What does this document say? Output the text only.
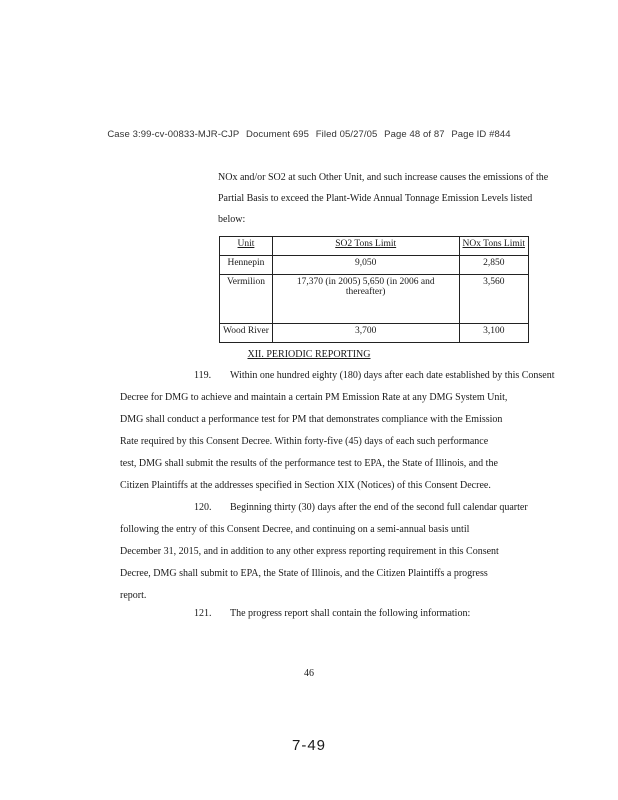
Case 3:99-cv-00833-MJR-CJP Document 695 Filed 05/27/05 Page 48 of 87 Page ID #844
NOx and/or SO2 at such Other Unit, and such increase causes the emissions of the
Partial Basis to exceed the Plant-Wide Annual Tonnage Emission Levels listed
below:
Unit	SO2 Tons Limit	NOx Tons Limit
Hennepin	9,050	2,850
Vermilion	17,370 (in 2005) 5,650 (in 2006 and thereafter)	3,560
Wood River	3,700	3,100
XII. PERIODIC REPORTING
119. Within one hundred eighty (180) days after each date established by this Consent
Decree for DMG to achieve and maintain a certain PM Emission Rate at any DMG System Unit,
DMG shall conduct a performance test for PM that demonstrates compliance with the Emission
Rate required by this Consent Decree. Within forty-five (45) days of each such performance
test, DMG shall submit the results of the performance test to EPA, the State of Illinois, and the
Citizen Plaintiffs at the addresses specified in Section XIX (Notices) of this Consent Decree.
120. Beginning thirty (30) days after the end of the second full calendar quarter
following the entry of this Consent Decree, and continuing on a semi-annual basis until
December 31, 2015, and in addition to any other express reporting requirement in this Consent
Decree, DMG shall submit to EPA, the State of Illinois, and the Citizen Plaintiffs a progress
report.
121. The progress report shall contain the following information:
46
7-49
